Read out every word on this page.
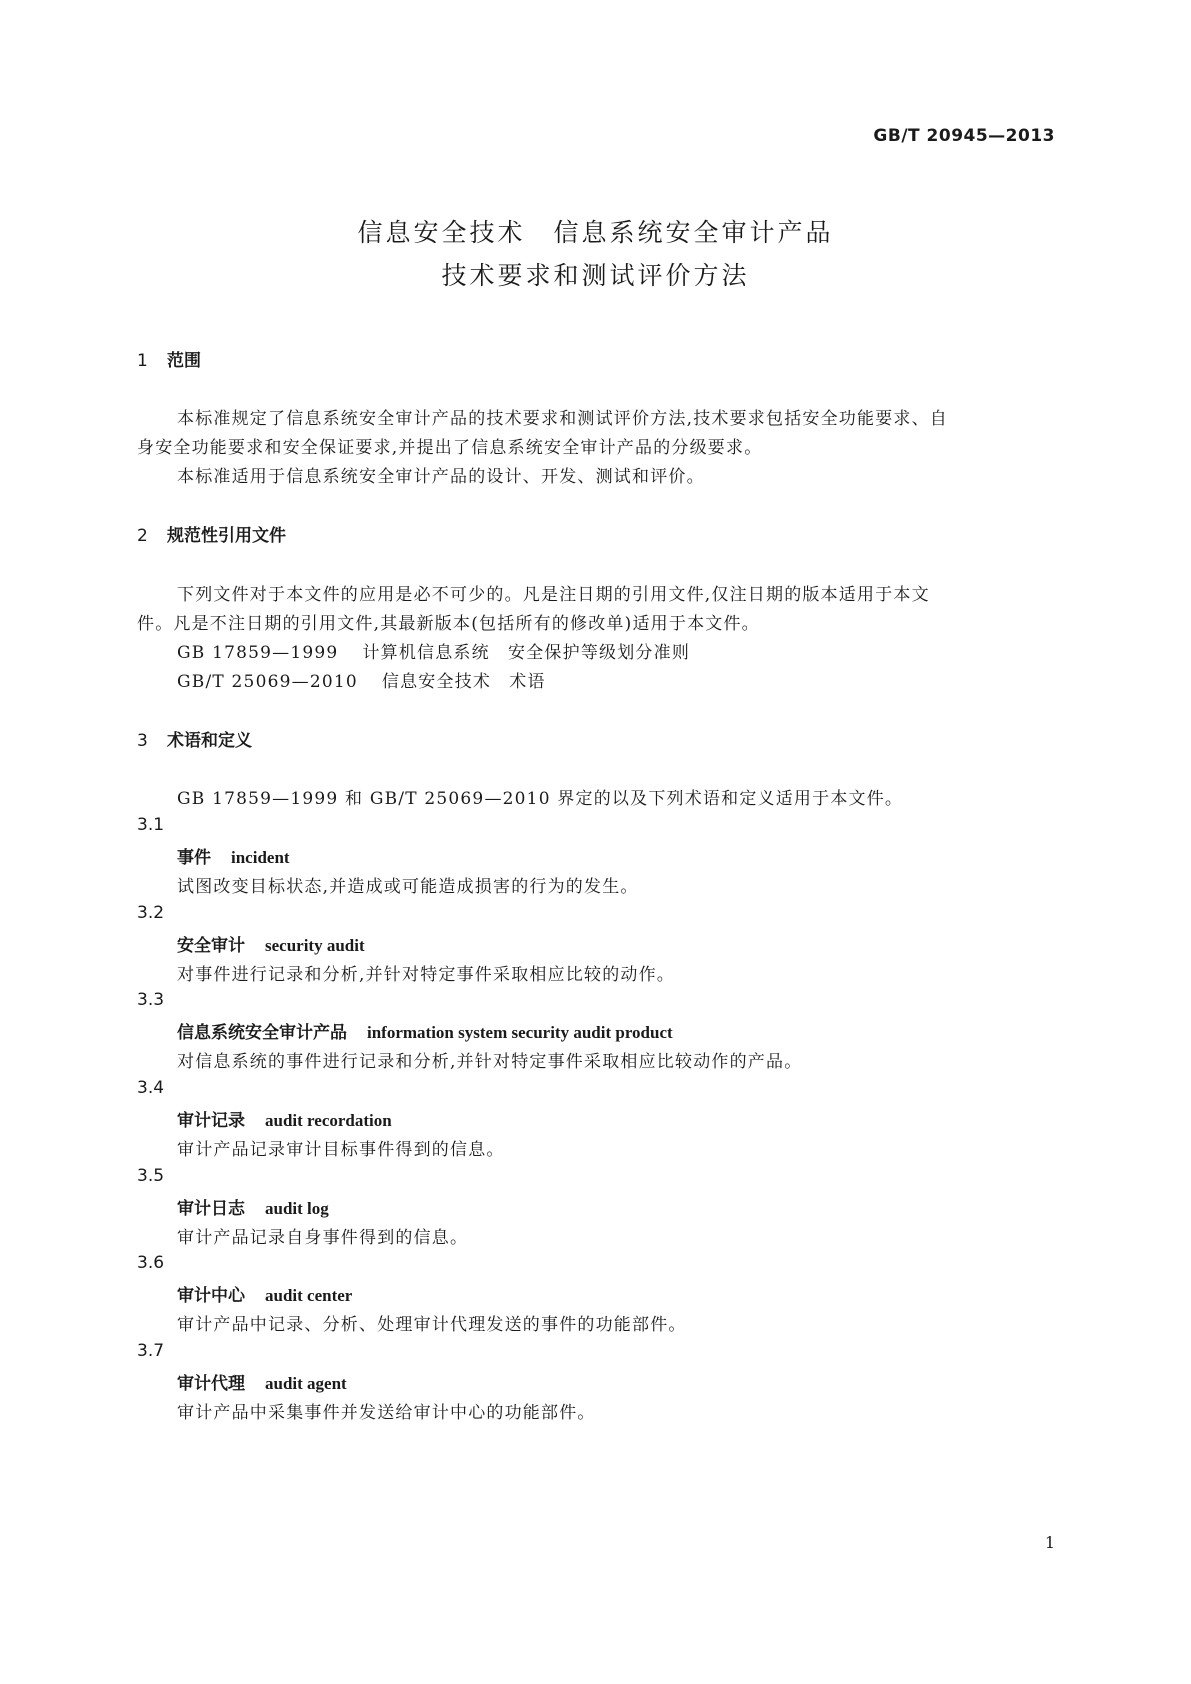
GB/T 20945—2013
信息安全技术　信息系统安全审计产品
技术要求和测试评价方法
1 范围
本标准规定了信息系统安全审计产品的技术要求和测试评价方法,技术要求包括安全功能要求、自
身安全功能要求和安全保证要求,并提出了信息系统安全审计产品的分级要求。
本标准适用于信息系统安全审计产品的设计、开发、测试和评价。
2 规范性引用文件
下列文件对于本文件的应用是必不可少的。凡是注日期的引用文件,仅注日期的版本适用于本文
件。凡是不注日期的引用文件,其最新版本(包括所有的修改单)适用于本文件。
GB 17859—1999 计算机信息系统　安全保护等级划分准则
GB/T 25069—2010 信息安全技术　术语
3 术语和定义
GB 17859—1999 和 GB/T 25069—2010 界定的以及下列术语和定义适用于本文件。
3.1
事件 incident
试图改变目标状态,并造成或可能造成损害的行为的发生。
3.2
安全审计 security audit
对事件进行记录和分析,并针对特定事件采取相应比较的动作。
3.3
信息系统安全审计产品 information system security audit product
对信息系统的事件进行记录和分析,并针对特定事件采取相应比较动作的产品。
3.4
审计记录 audit recordation
审计产品记录审计目标事件得到的信息。
3.5
审计日志 audit log
审计产品记录自身事件得到的信息。
3.6
审计中心 audit center
审计产品中记录、分析、处理审计代理发送的事件的功能部件。
3.7
审计代理 audit agent
审计产品中采集事件并发送给审计中心的功能部件。
1
